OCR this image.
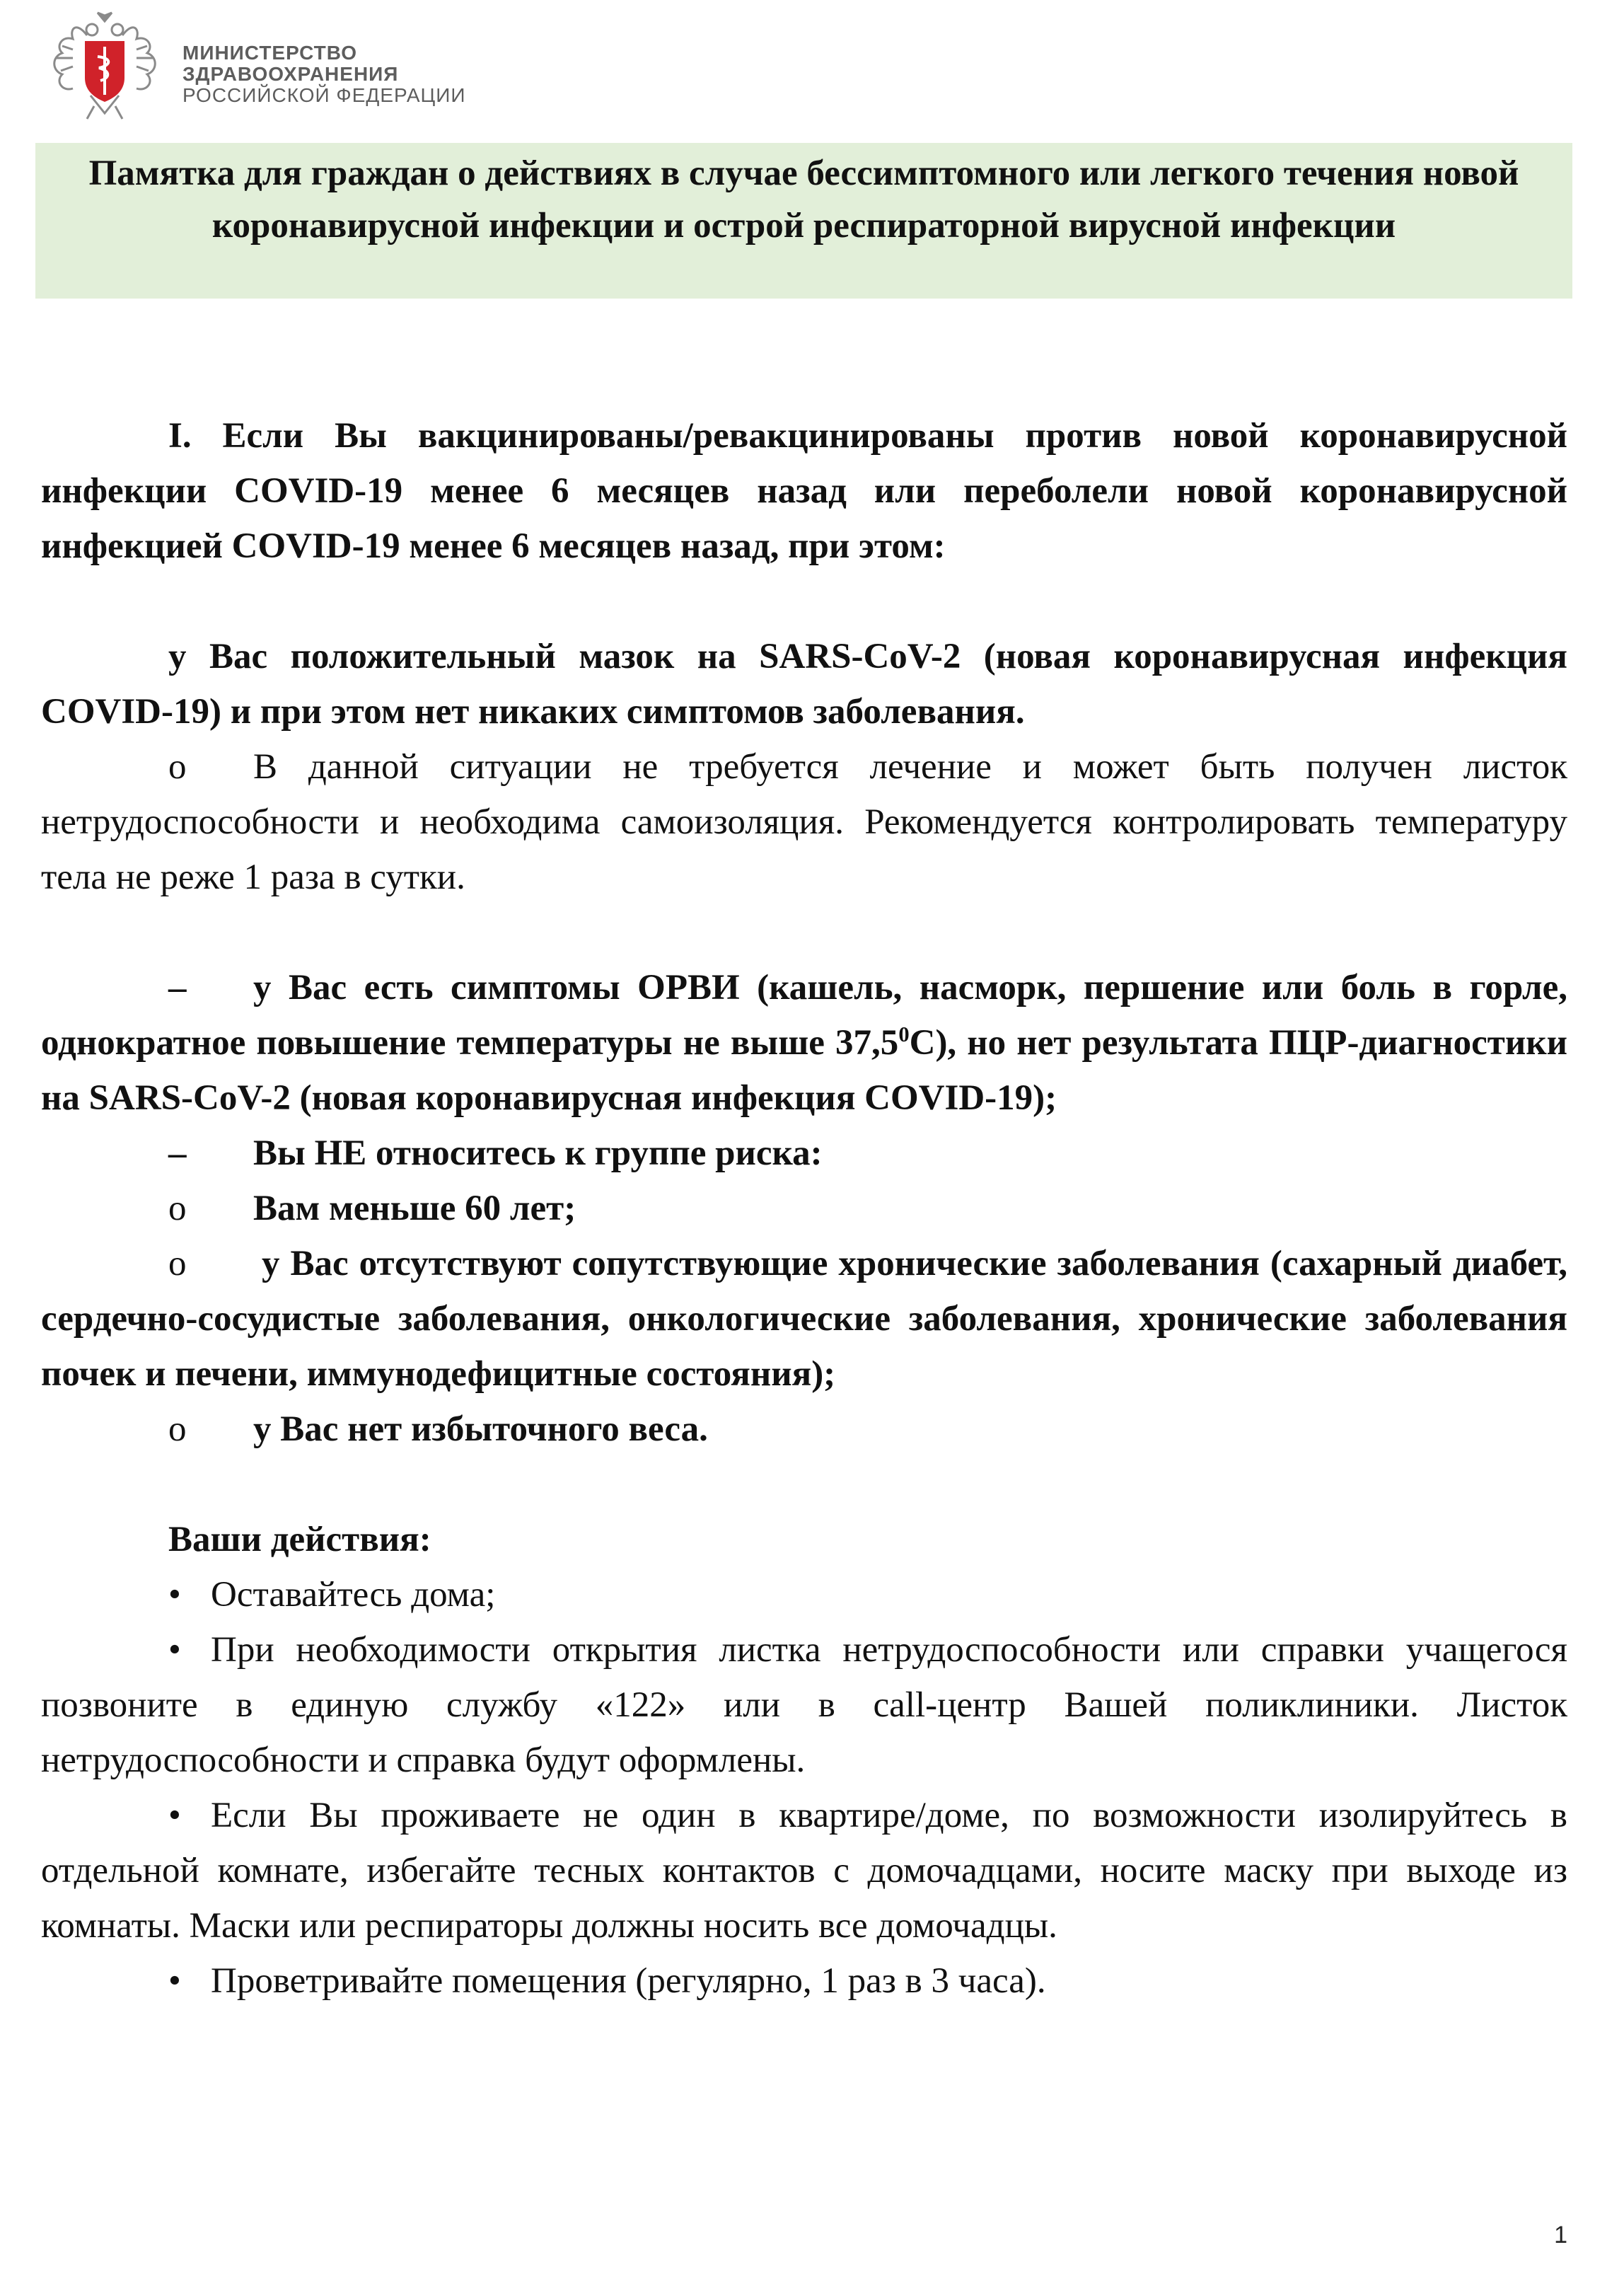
МИНИСТЕРСТВО
ЗДРАВООХРАНЕНИЯ
РОССИЙСКОЙ ФЕДЕРАЦИИ

Памятка для граждан о действиях в случае бессимптомного или легкого течения новой коронавирусной инфекции и острой респираторной вирусной инфекции

I. Если Вы вакцинированы/ревакцинированы против новой коронавирусной инфекции COVID-19 менее 6 месяцев назад или переболели новой коронавирусной инфекцией COVID-19 менее 6 месяцев назад, при этом:

у Вас положительный мазок на SARS-CoV-2 (новая коронавирусная инфекция COVID-19) и при этом нет никаких симптомов заболевания.

o В данной ситуации не требуется лечение и может быть получен листок нетрудоспособности и необходима самоизоляция. Рекомендуется контролировать температуру тела не реже 1 раза в сутки.

– у Вас есть симптомы ОРВИ (кашель, насморк, першение или боль в горле, однократное повышение температуры не выше 37,5$^0$С), но нет результата ПЦР-диагностики на SARS-CoV-2 (новая коронавирусная инфекция COVID-19);

– Вы НЕ относитесь к группе риска:

o Вам меньше 60 лет;

o у Вас отсутствуют сопутствующие хронические заболевания (сахарный диабет, сердечно-сосудистые заболевания, онкологические заболевания, хронические заболевания почек и печени, иммунодефицитные состояния);

o у Вас нет избыточного веса.

Ваши действия:

• Оставайтесь дома;

• При необходимости открытия листка нетрудоспособности или справки учащегося позвоните в единую службу «122» или в call-центр Вашей поликлиники. Листок нетрудоспособности и справка будут оформлены.

• Если Вы проживаете не один в квартире/доме, по возможности изолируйтесь в отдельной комнате, избегайте тесных контактов с домочадцами, носите маску при выходе из комнаты. Маски или респираторы должны носить все домочадцы.

• Проветривайте помещения (регулярно, 1 раз в 3 часа).

1
